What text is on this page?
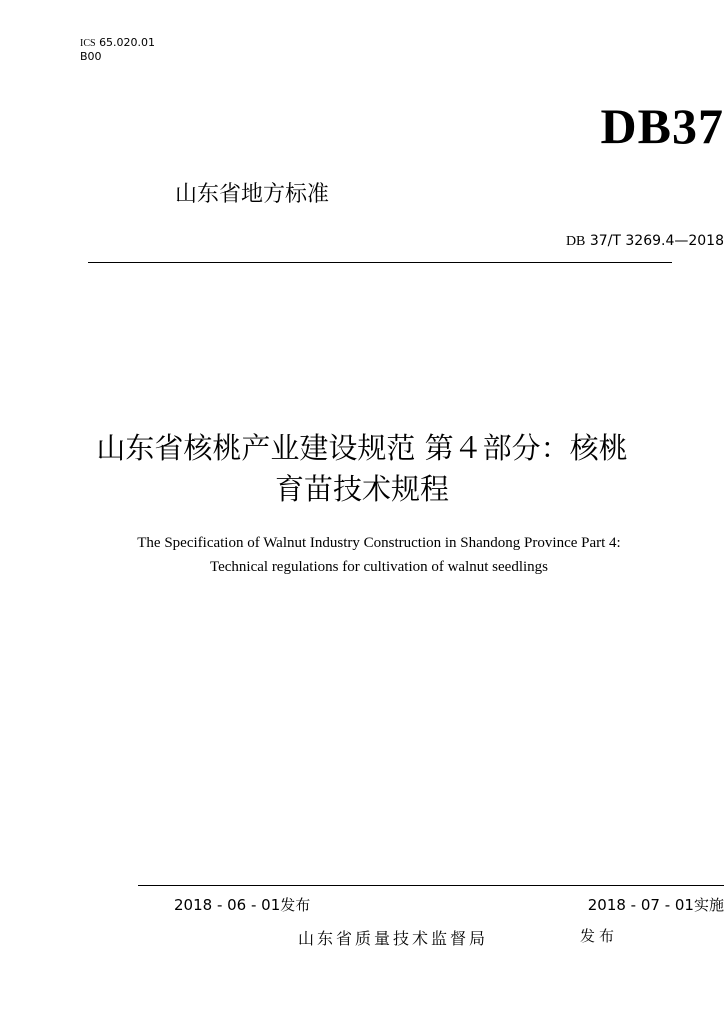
ICS 65.020.01
B00
DB37
山东省地方标准
DB 37/T 3269.4—2018
山东省核桃产业建设规范 第４部分：核桃
育苗技术规程
The Specification of Walnut Industry Construction in Shandong Province Part 4:
Technical regulations for cultivation of walnut seedlings
2018 - 06 - 01发布	2018 - 07 - 01实施
山东省质量技术监督局	发布
